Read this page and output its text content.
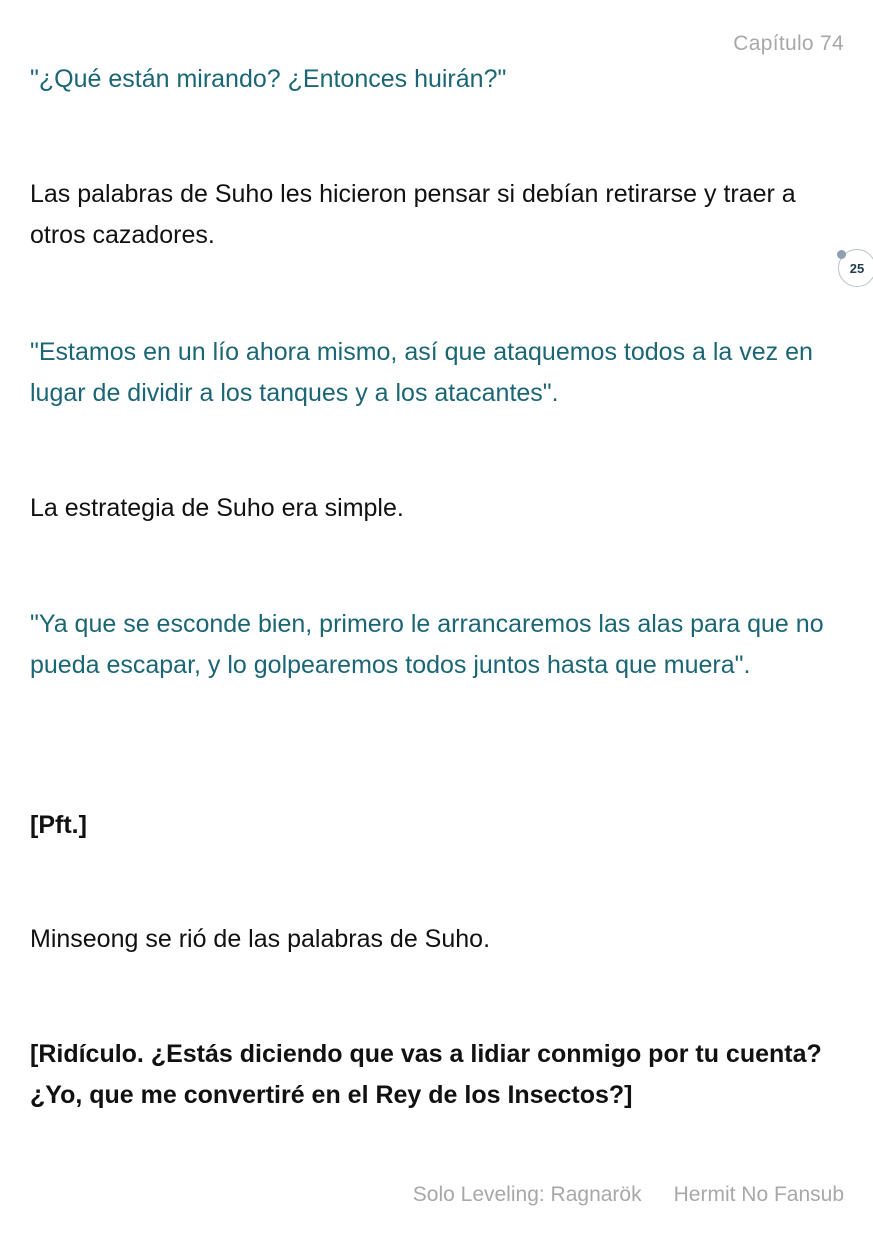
Capítulo 74

"¿Qué están mirando? ¿Entonces huirán?"

Las palabras de Suho les hicieron pensar si debían retirarse y traer a otros cazadores.

"Estamos en un lío ahora mismo, así que ataquemos todos a la vez en lugar de dividir a los tanques y a los atacantes".

La estrategia de Suho era simple.

"Ya que se esconde bien, primero le arrancaremos las alas para que no pueda escapar, y lo golpearemos todos juntos hasta que muera".

[Pft.]

Minseong se rió de las palabras de Suho.

[Ridículo. ¿Estás diciendo que vas a lidiar conmigo por tu cuenta? ¿Yo, que me convertiré en el Rey de los Insectos?]

25
Solo Leveling: Ragnarök Hermit No Fansub
